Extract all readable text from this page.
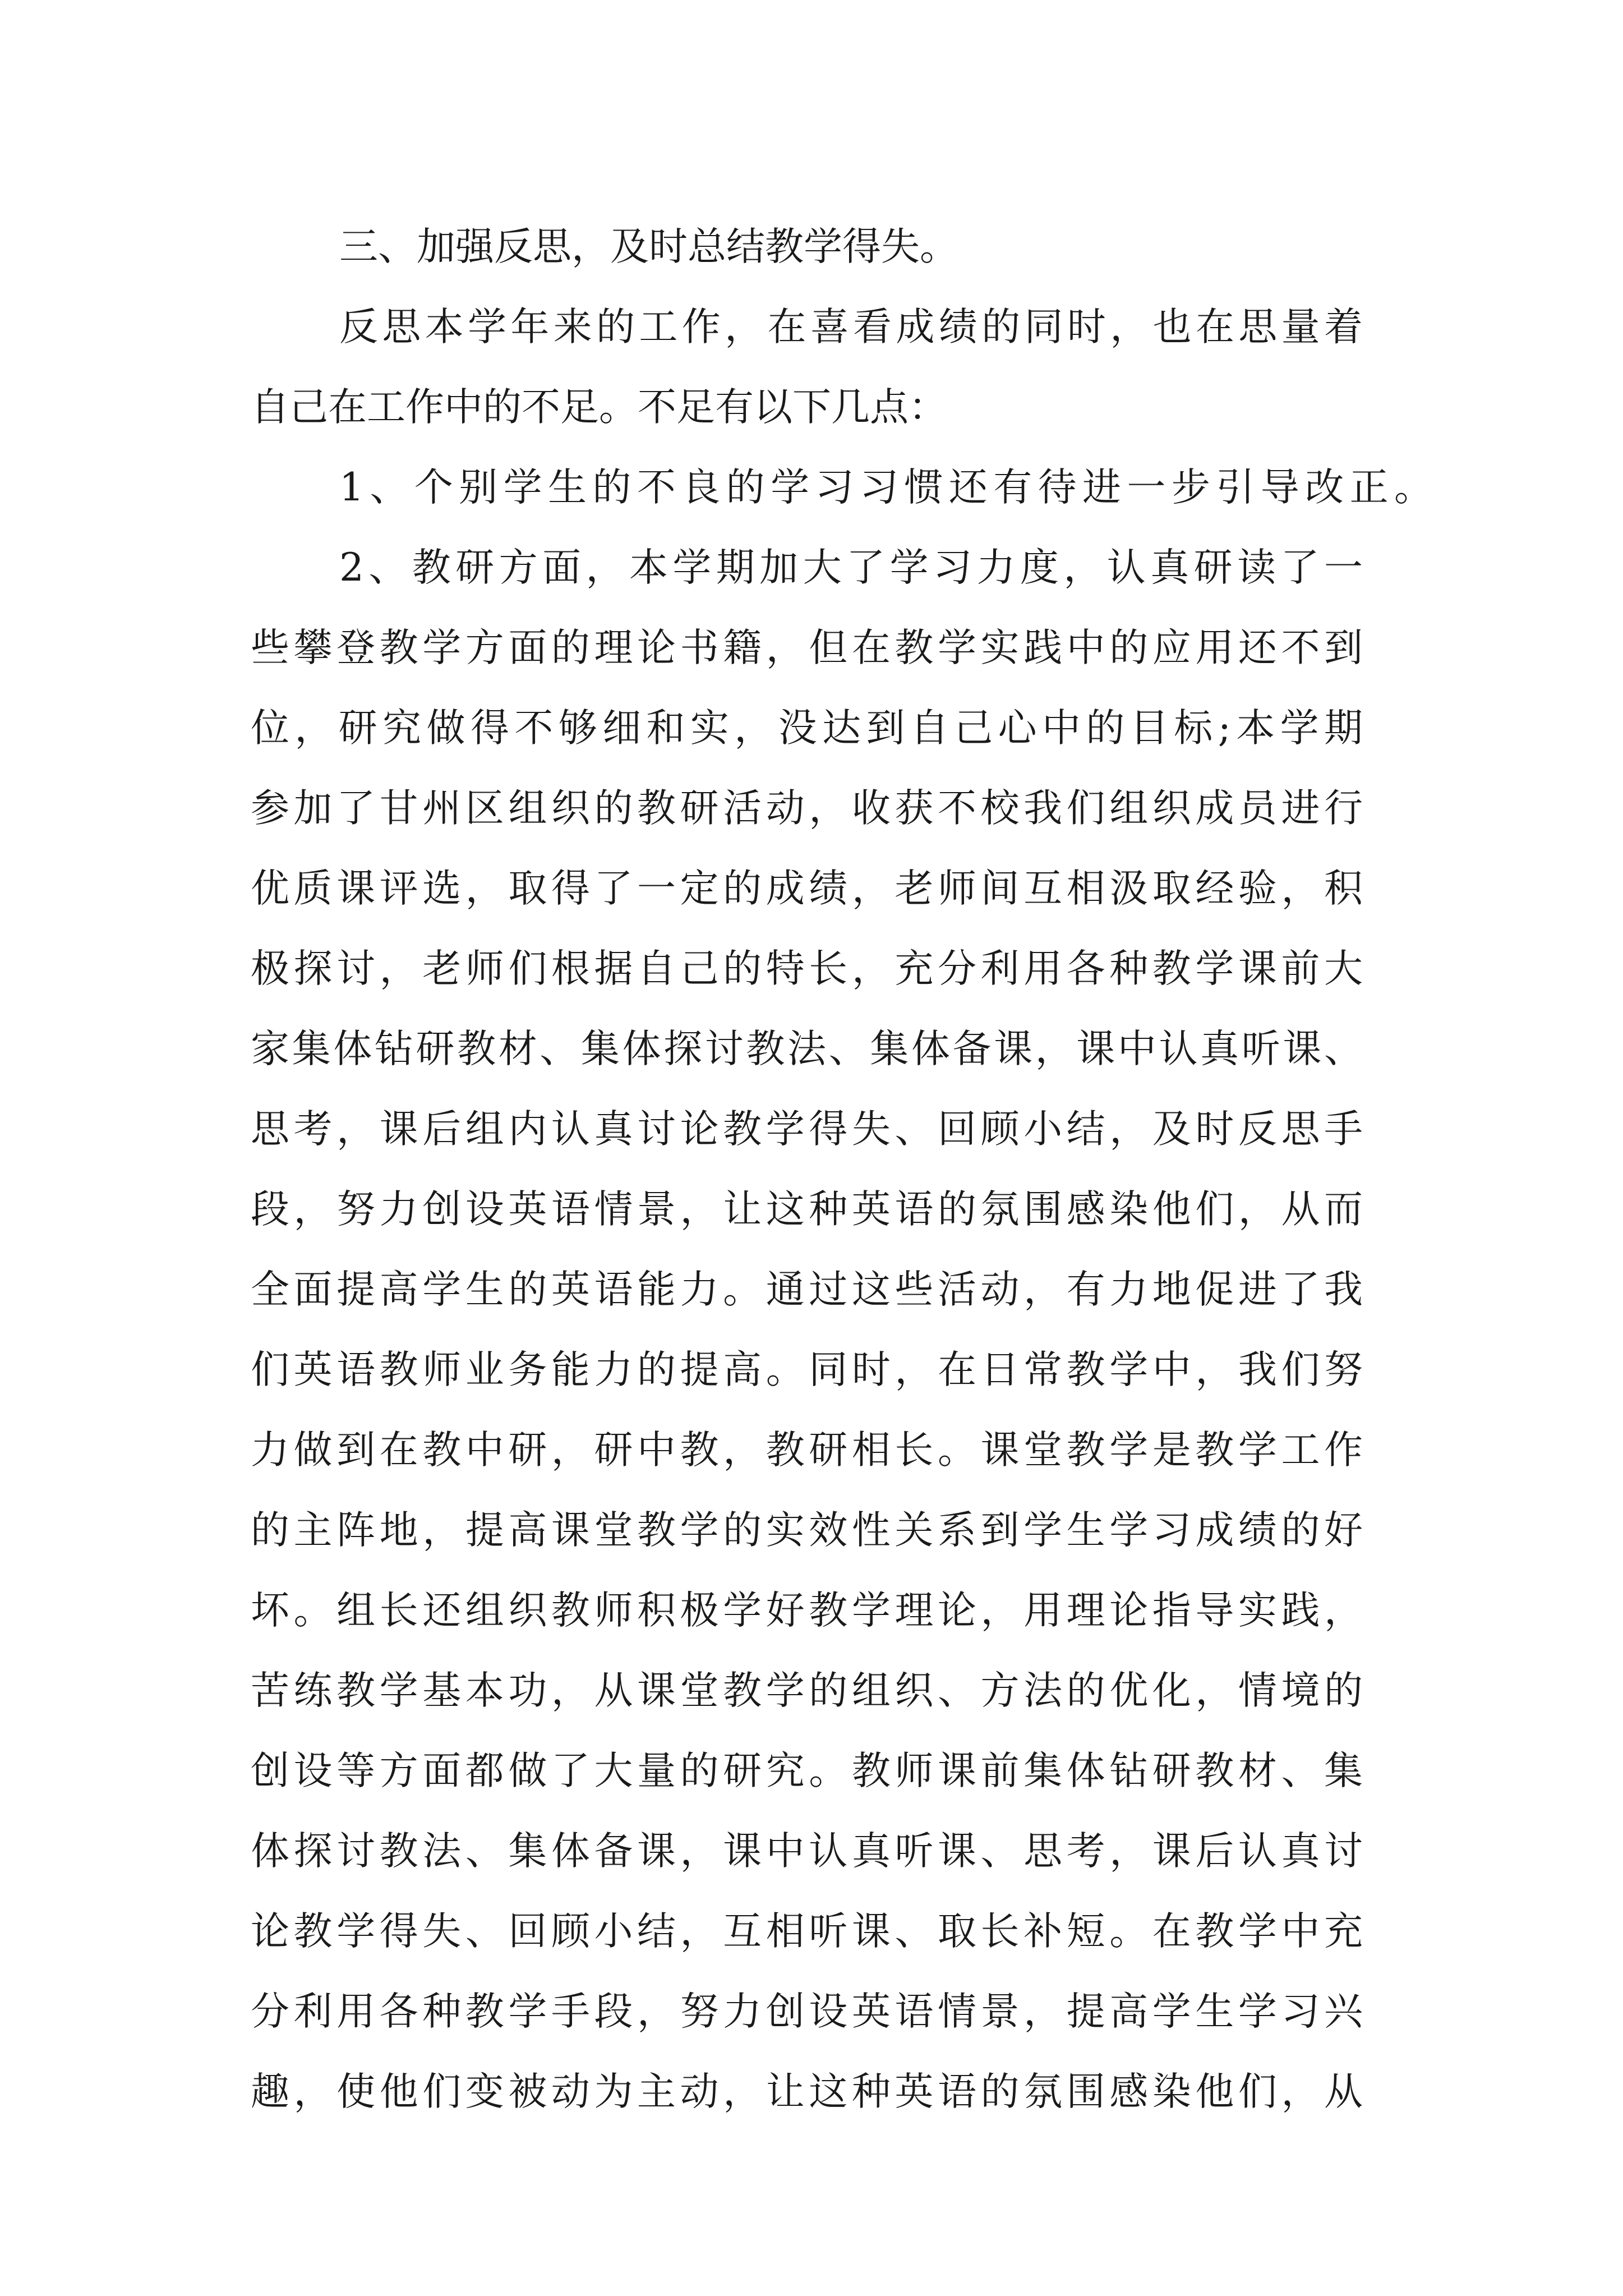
三、加强反思，及时总结教学得失。

反思本学年来的工作，在喜看成绩的同时，也在思量着

自己在工作中的不足。不足有以下几点：

1、个别学生的不良的学习习惯还有待进一步引导改正。

2、教研方面，本学期加大了学习力度，认真研读了一

些攀登教学方面的理论书籍，但在教学实践中的应用还不到

位，研究做得不够细和实，没达到自己心中的目标;本学期

参加了甘州区组织的教研活动，收获不校我们组织成员进行

优质课评选，取得了一定的成绩，老师间互相汲取经验，积

极探讨，老师们根据自己的特长，充分利用各种教学课前大

家集体钻研教材、集体探讨教法、集体备课，课中认真听课、

思考，课后组内认真讨论教学得失、回顾小结，及时反思手

段，努力创设英语情景，让这种英语的氛围感染他们，从而

全面提高学生的英语能力。通过这些活动，有力地促进了我

们英语教师业务能力的提高。同时，在日常教学中，我们努

力做到在教中研，研中教，教研相长。课堂教学是教学工作

的主阵地，提高课堂教学的实效性关系到学生学习成绩的好

坏。组长还组织教师积极学好教学理论，用理论指导实践，

苦练教学基本功，从课堂教学的组织、方法的优化，情境的

创设等方面都做了大量的研究。教师课前集体钻研教材、集

体探讨教法、集体备课，课中认真听课、思考，课后认真讨

论教学得失、回顾小结，互相听课、取长补短。在教学中充

分利用各种教学手段，努力创设英语情景，提高学生学习兴

趣，使他们变被动为主动，让这种英语的氛围感染他们，从
